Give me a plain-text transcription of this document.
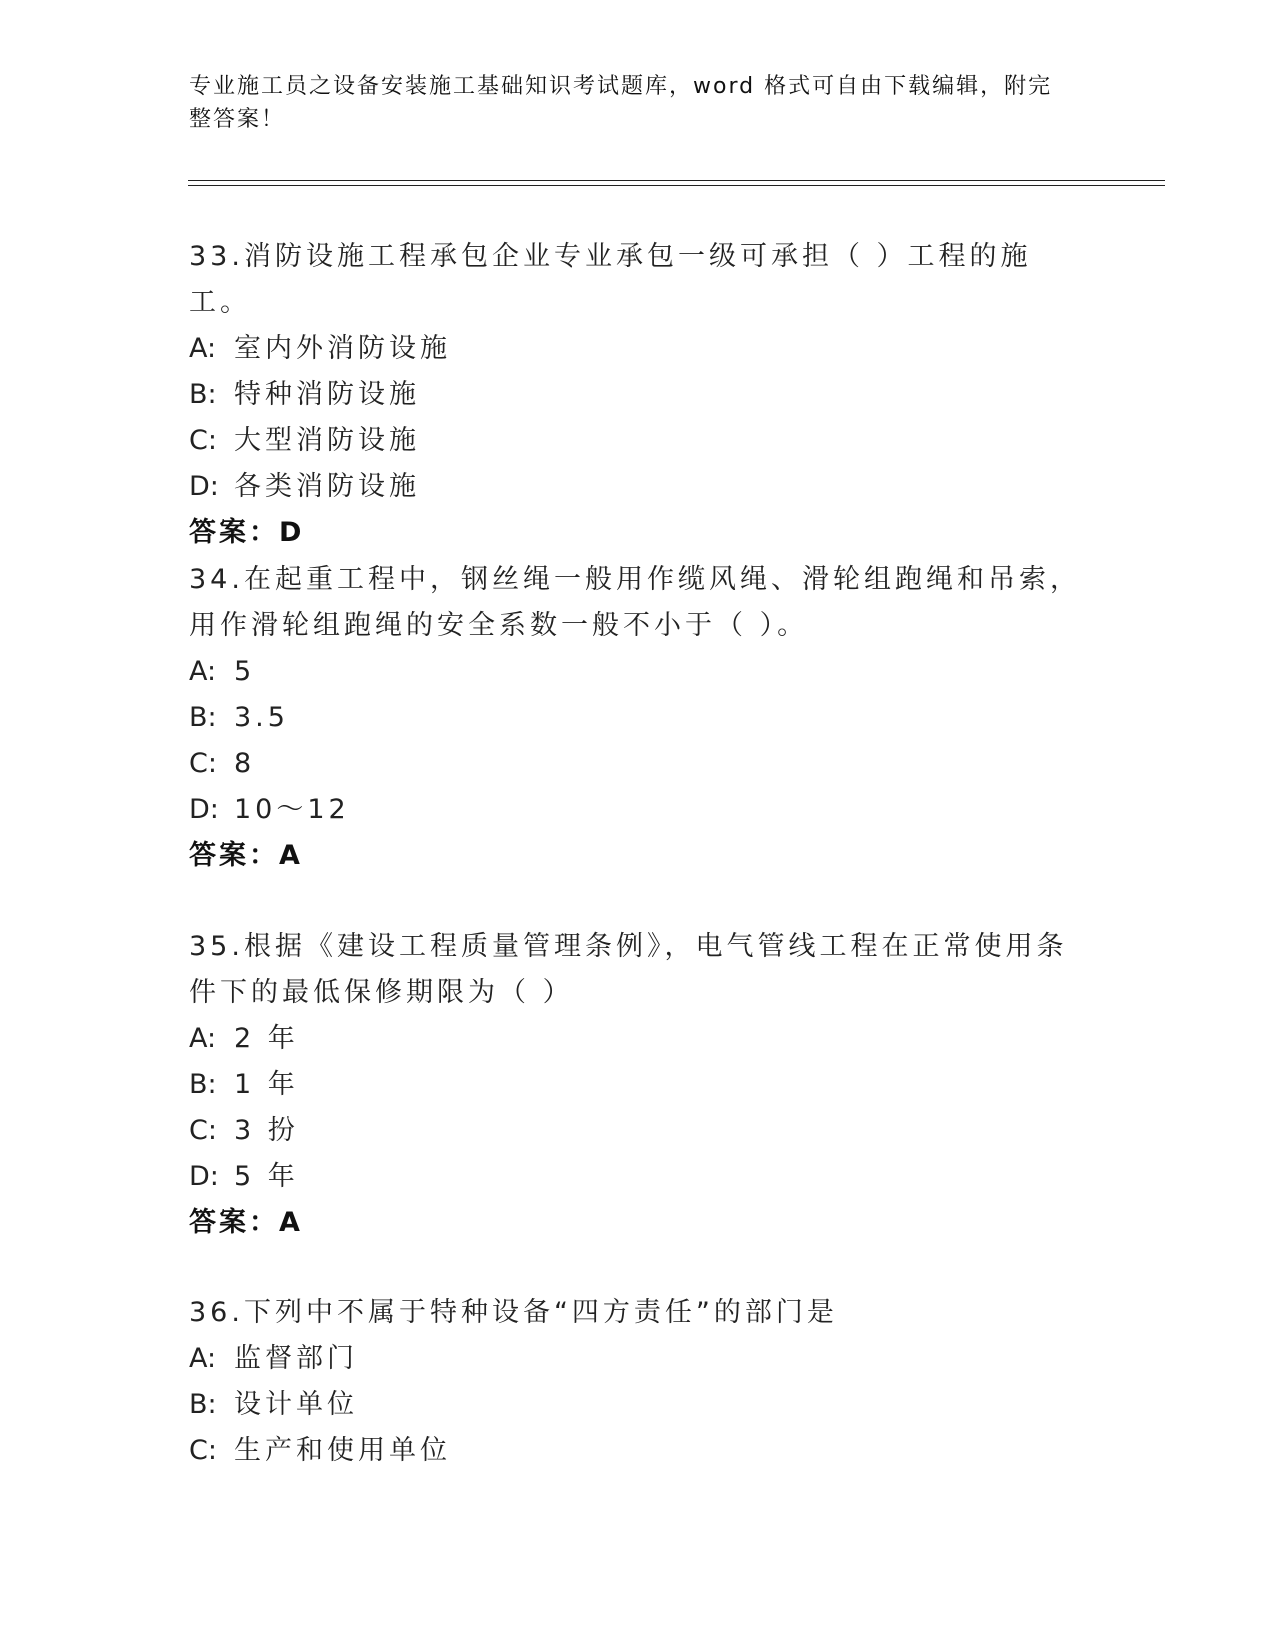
专业施工员之设备安装施工基础知识考试题库，word 格式可自由下载编辑，附完整答案！

33.消防设施工程承包企业专业承包一级可承担（ ）工程的施工。

A: 室内外消防设施

B: 特种消防设施

C: 大型消防设施

D: 各类消防设施

答案：D

34.在起重工程中，钢丝绳一般用作缆风绳、滑轮组跑绳和吊索，用作滑轮组跑绳的安全系数一般不小于（ ）。

A: 5

B: 3.5

C: 8

D: 10～12

答案：A

35.根据《建设工程质量管理条例》，电气管线工程在正常使用条件下的最低保修期限为（ ）

A: 2 年

B: 1 年

C: 3 扮

D: 5 年

答案：A

36.下列中不属于特种设备“四方责任”的部门是

A: 监督部门

B: 设计单位

C: 生产和使用单位
